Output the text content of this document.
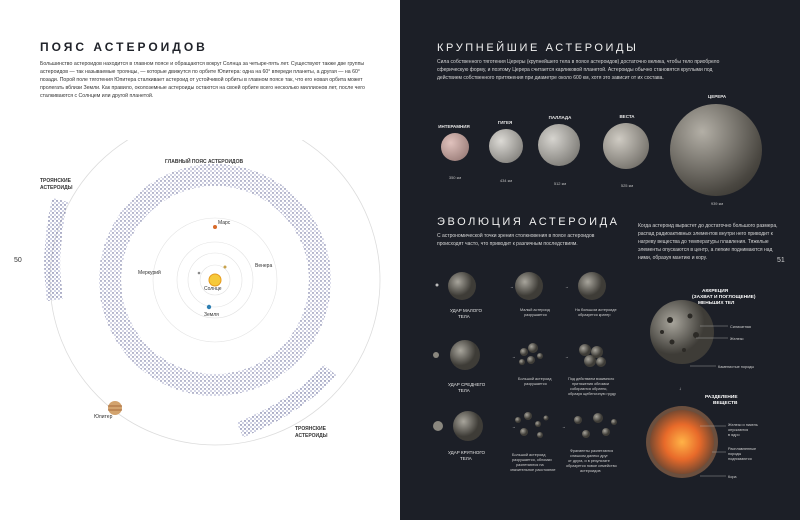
ПОЯС АСТЕРОИДОВ
Большинство астероидов находится в главном поясе и обращаются вокруг Солнца за четыре-пять лет. Существуют также две группы астероидов — так называемые троянцы, — которые движутся по орбите Юпитера: одна на 60° впереди планеты, а другая — на 60° позади. Порой поле тяготения Юпитера сталкивает астероид от устойчивой орбиты в главном поясе так, что его новая орбита может пролегать вблизи Земли. Как правило, околоземные астероиды остаются на своей орбите всего несколько миллионов лет, после чего сталкиваются с Солнцем или другой планетой.
50
ГЛАВНЫЙ ПОЯС АСТЕРОИДОВ
ТРОЯНСКИЕ
АСТЕРОИДЫ
ТРОЯНСКИЕ
АСТЕРОИДЫ
Марс
Венера
Меркурий
Солнце
Земля
Юпитер
КРУПНЕЙШИЕ АСТЕРОИДЫ
Сила собственного тяготения Цереры (крупнейшего тела в поясе астероидов) достаточно велика, чтобы тело приобрело сферическую форму, и поэтому Церера считается карликовой планетой. Астероиды обычно становятся круглыми под действием собственного притяжения при диаметре около 600 км, хотя это зависит от их состава.
51
ИНТЕРАМНИЯ
350 км
ГИГЕЯ
434 км
ПАЛЛАДА
512 км
ВЕСТА
525 км
ЦЕРЕРА
939 км
ЭВОЛЮЦИЯ АСТЕРОИДА
С астрономической точки зрения столкновения в поясе астероидов происходят часто, что приводит к различным последствиям.
Когда астероид вырастет до достаточно большого размера, распад радиоактивных элементов внутри него приводит к нагреву вещества до температуры плавления. Тяжелые элементы опускаются в центр, а легкие поднимаются над ними, образуя мантию и кору.
УДАР МАЛОГО
ТЕЛА
→
Малый астероид
разрушается
→
На большом астероиде
образуется кратер
УДАР СРЕДНЕГО
ТЕЛА
→
Большой астероид
разрушается
→
Под действием взаимного
притяжения обломки
собираются обратно,
образуя щебеночную груду
УДАР КРУПНОГО
ТЕЛА
→
Большой астероид
разрушается, обломки
разлетаются на
значительное расстояние
→
Фрагменты разлетаются
слишком далеко друг
от друга, и в результате
образуется новое семейство
астероидов
АККРЕЦИЯ
(ЗАХВАТ И ПОГЛОЩЕНИЕ)
МЕНЬШИХ ТЕЛ
Силикатная
Железо
Каменистые породы
↓
РАЗДЕЛЕНИЕ
ВЕЩЕСТВ
Железо и никель
опускаются
в ядро
Расплавленные
породы
поднимаются
Кора
